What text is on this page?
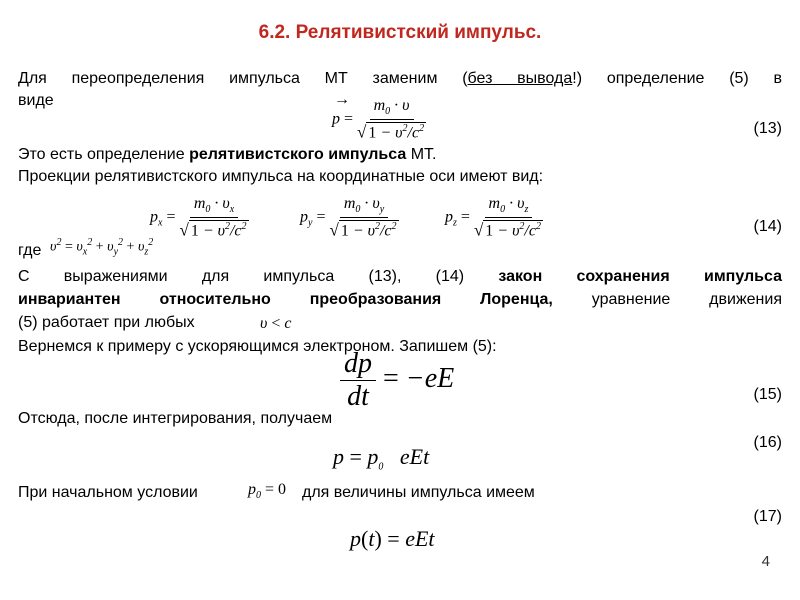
6.2. Релятивистский импульс.
Для переопределения импульса МТ заменим (без вывода!) определение (5) в
виде	→
$p = \frac{m_0 \cdot \upsilon}{√ 1 - \upsilon^2/c^2}$	(13)
Это есть определение релятивистского импульса МТ.
Проекции релятивистского импульса на координатные оси имеют вид:
$p_x = \frac{m_0 \cdot \upsilon_x}{√ 1 - \upsilon^2/c^2}$	$p_y = \frac{m_0 \cdot \upsilon_y}{√ 1 - \upsilon^2/c^2}$	$p_z = \frac{m_0 \cdot \upsilon_z}{√ 1 - \upsilon^2/c^2}$	(14)
где $\upsilon^2 = \upsilon_x^2 + \upsilon_y^2 + \upsilon_z^2$
С выражениями для импульса (13), (14) закон сохранения импульса
инвариантен относительно преобразования Лоренца, уравнение движения
(5) работает при любых	υ < c
Вернемся к примеру с ускоряющимся электроном. Запишем (5):
$\frac{dp}{dt} = -eE$
(15)
Отсюда, после интегрирования, получаем
(16)
$p = p_0$   eEt
При начальном условии	$p_0 = 0$ для величины импульса имеем
(17)
p(t) = eEt
4
